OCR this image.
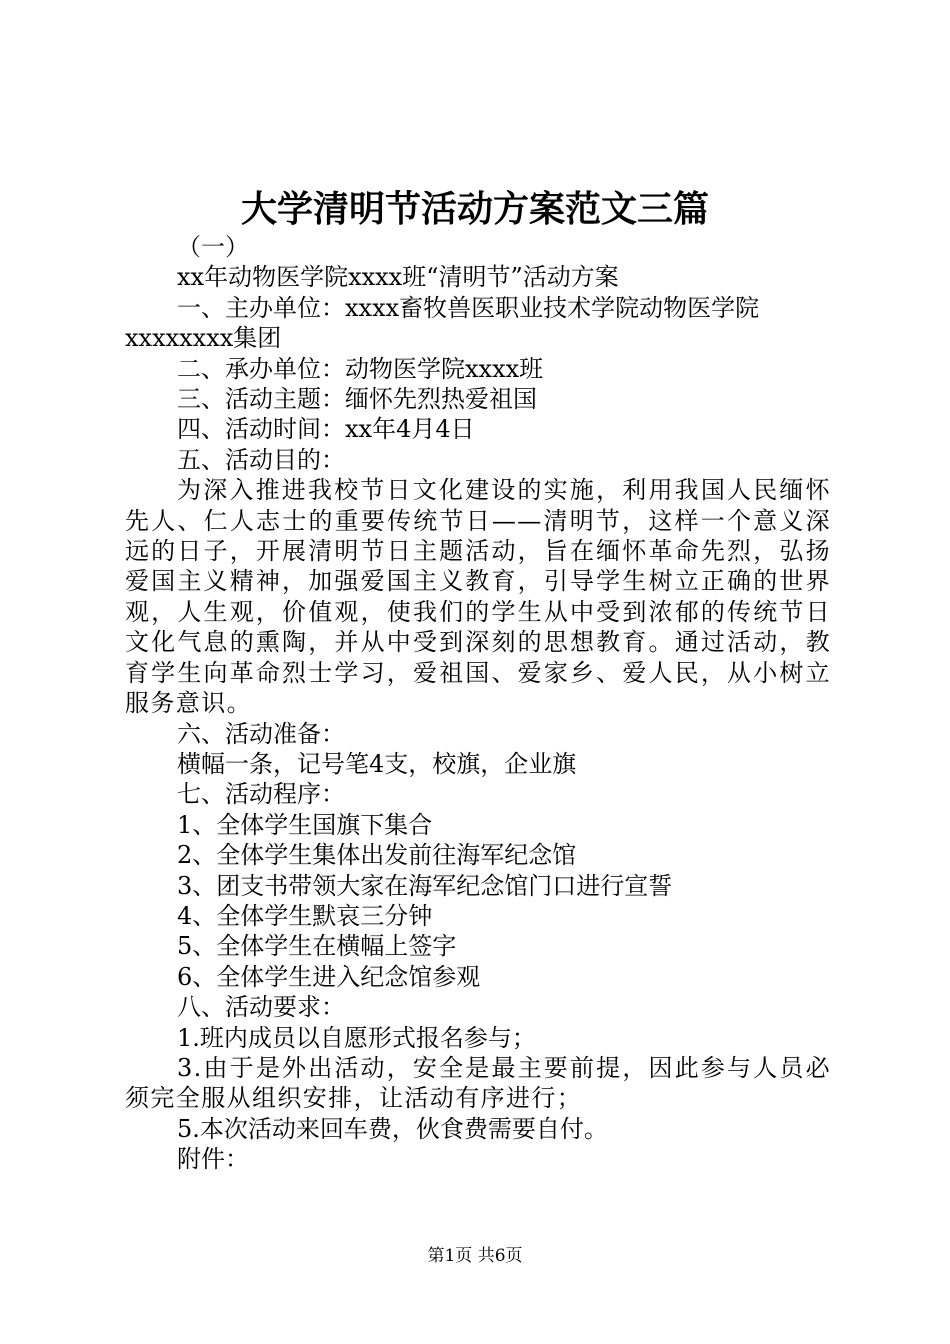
大学清明节活动方案范文三篇

（一）

xx年动物医学院xxxx班“清明节”活动方案

一、主办单位：xxxx畜牧兽医职业技术学院动物医学院

xxxxxxxx集团

二、承办单位：动物医学院xxxx班

三、活动主题：缅怀先烈热爱祖国

四、活动时间：xx年4月4日

五、活动目的：

为深入推进我校节日文化建设的实施，利用我国人民缅怀先人、仁人志士的重要传统节日——清明节，这样一个意义深远的日子，开展清明节日主题活动，旨在缅怀革命先烈，弘扬爱国主义精神，加强爱国主义教育，引导学生树立正确的世界观，人生观，价值观，使我们的学生从中受到浓郁的传统节日文化气息的熏陶，并从中受到深刻的思想教育。通过活动，教育学生向革命烈士学习，爱祖国、爱家乡、爱人民，从小树立服务意识。

六、活动准备：

横幅一条，记号笔4支，校旗，企业旗

七、活动程序：

1、全体学生国旗下集合

2、全体学生集体出发前往海军纪念馆

3、团支书带领大家在海军纪念馆门口进行宣誓

4、全体学生默哀三分钟

5、全体学生在横幅上签字

6、全体学生进入纪念馆参观

八、活动要求：

1.班内成员以自愿形式报名参与；

3.由于是外出活动，安全是最主要前提，因此参与人员必须完全服从组织安排，让活动有序进行；

5.本次活动来回车费，伙食费需要自付。

附件：

第1页 共6页
